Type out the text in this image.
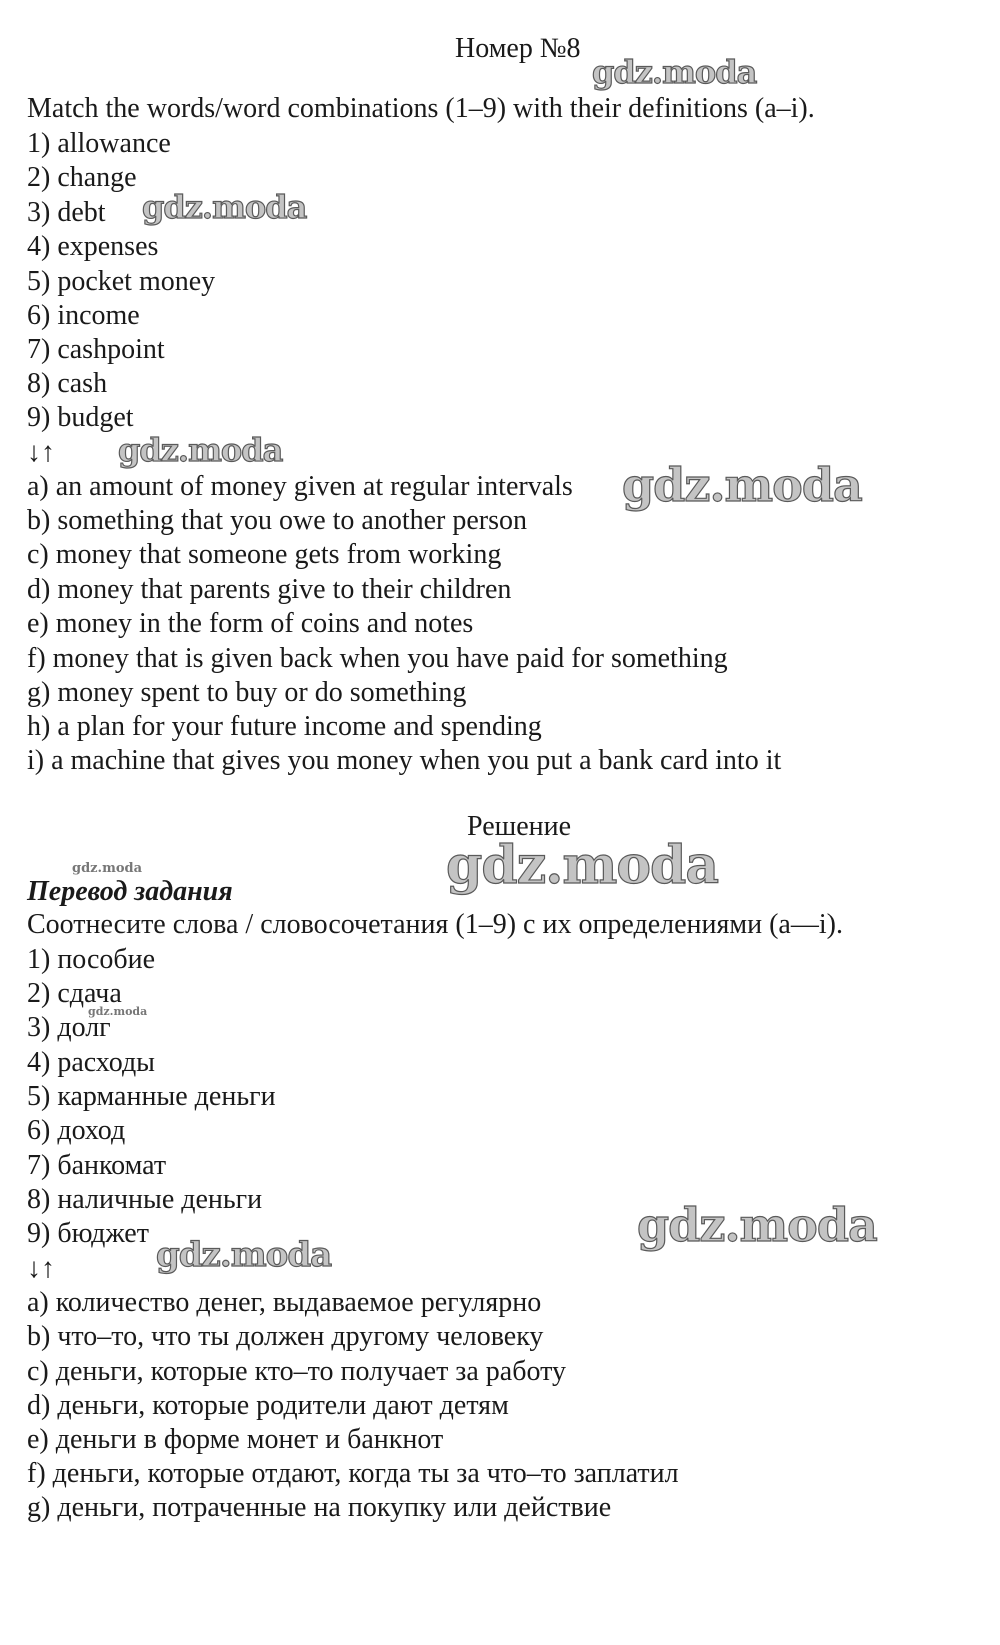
Номер №8
Match the words/word combinations (1–9) with their definitions (a–i).
1) allowance
2) change
3) debt
4) expenses
5) pocket money
6) income
7) cashpoint
8) cash
9) budget
↓↑
a) an amount of money given at regular intervals
b) something that you owe to another person
c) money that someone gets from working
d) money that parents give to their children
e) money in the form of coins and notes
f) money that is given back when you have paid for something
g) money spent to buy or do something
h) a plan for your future income and spending
i) a machine that gives you money when you put a bank card into it
Решение
Перевод задания
Соотнесите слова / словосочетания (1–9) с их определениями (а—i).
1) пособие
2) сдача
3) долг
4) расходы
5) карманные деньги
6) доход
7) банкомат
8) наличные деньги
9) бюджет
↓↑
a) количество денег, выдаваемое регулярно
b) что–то, что ты должен другому человеку
c) деньги, которые кто–то получает за работу
d) деньги, которые родители дают детям
e) деньги в форме монет и банкнот
f) деньги, которые отдают, когда ты за что–то заплатил
g) деньги, потраченные на покупку или действие
gdz.moda
gdz.moda
gdz.moda
gdz.moda
gdz.moda
gdz.moda
gdz.moda
gdz.moda
gdz.moda
